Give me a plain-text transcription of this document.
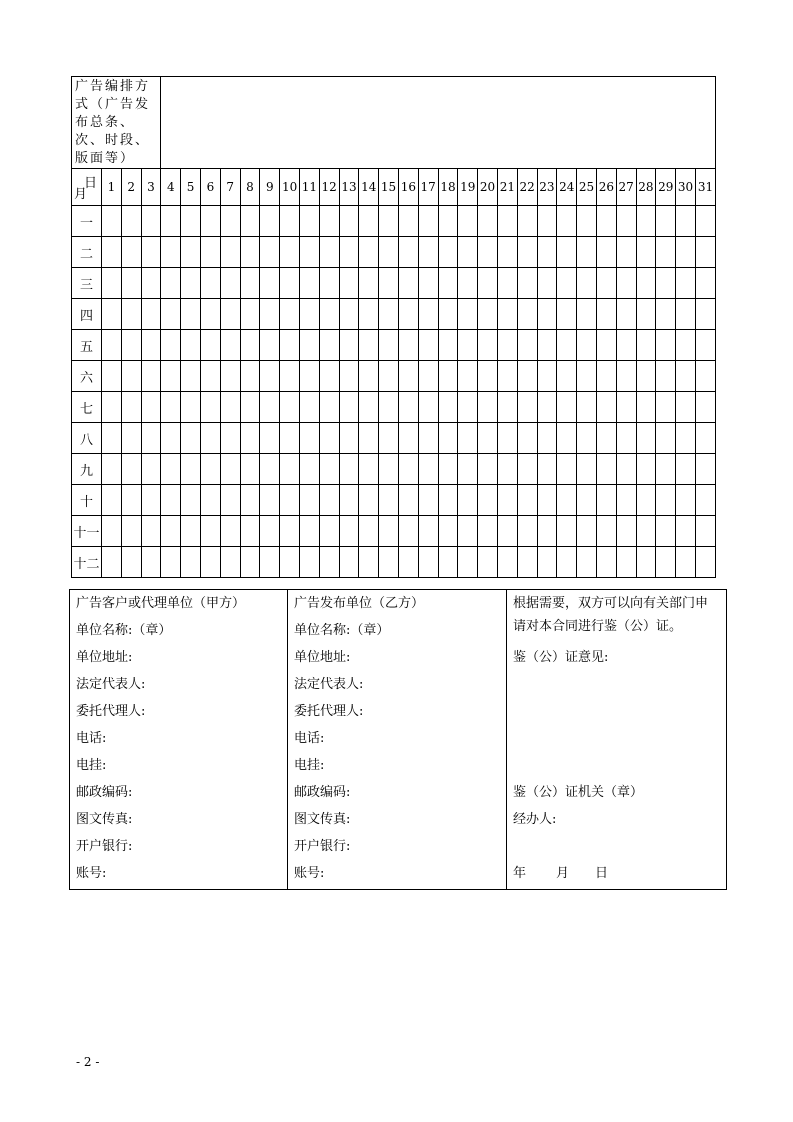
广告编排方式（广告发布总条、次、时段、版面等）																															

日
月	1	2	3	4	5	6	7	8	9	10	11	12	13	14	15	16	17	18	19	20	21	22	23	24	25	26	27	28	29	30	31
一																															
二																															
三																															
四																															
五																															
六																															
七																															
八																															
九																															
十																															
十一																															
十二																															
广告客户或代理单位（甲方）
单位名称:（章）
单位地址:
法定代表人:
委托代理人:
电话:
电挂:
邮政编码:
图文传真:
开户银行:
账号:

广告发布单位（乙方）
单位名称:（章）
单位地址:
法定代表人:
委托代理人:
电话:
电挂:
邮政编码:
图文传真:
开户银行:
账号:

根据需要，双方可以向有关部门申请对本合同进行鉴（公）证。
鉴（公）证意见:
鉴（公）证机关（章）
经办人:
年 月 日
- 2 -
